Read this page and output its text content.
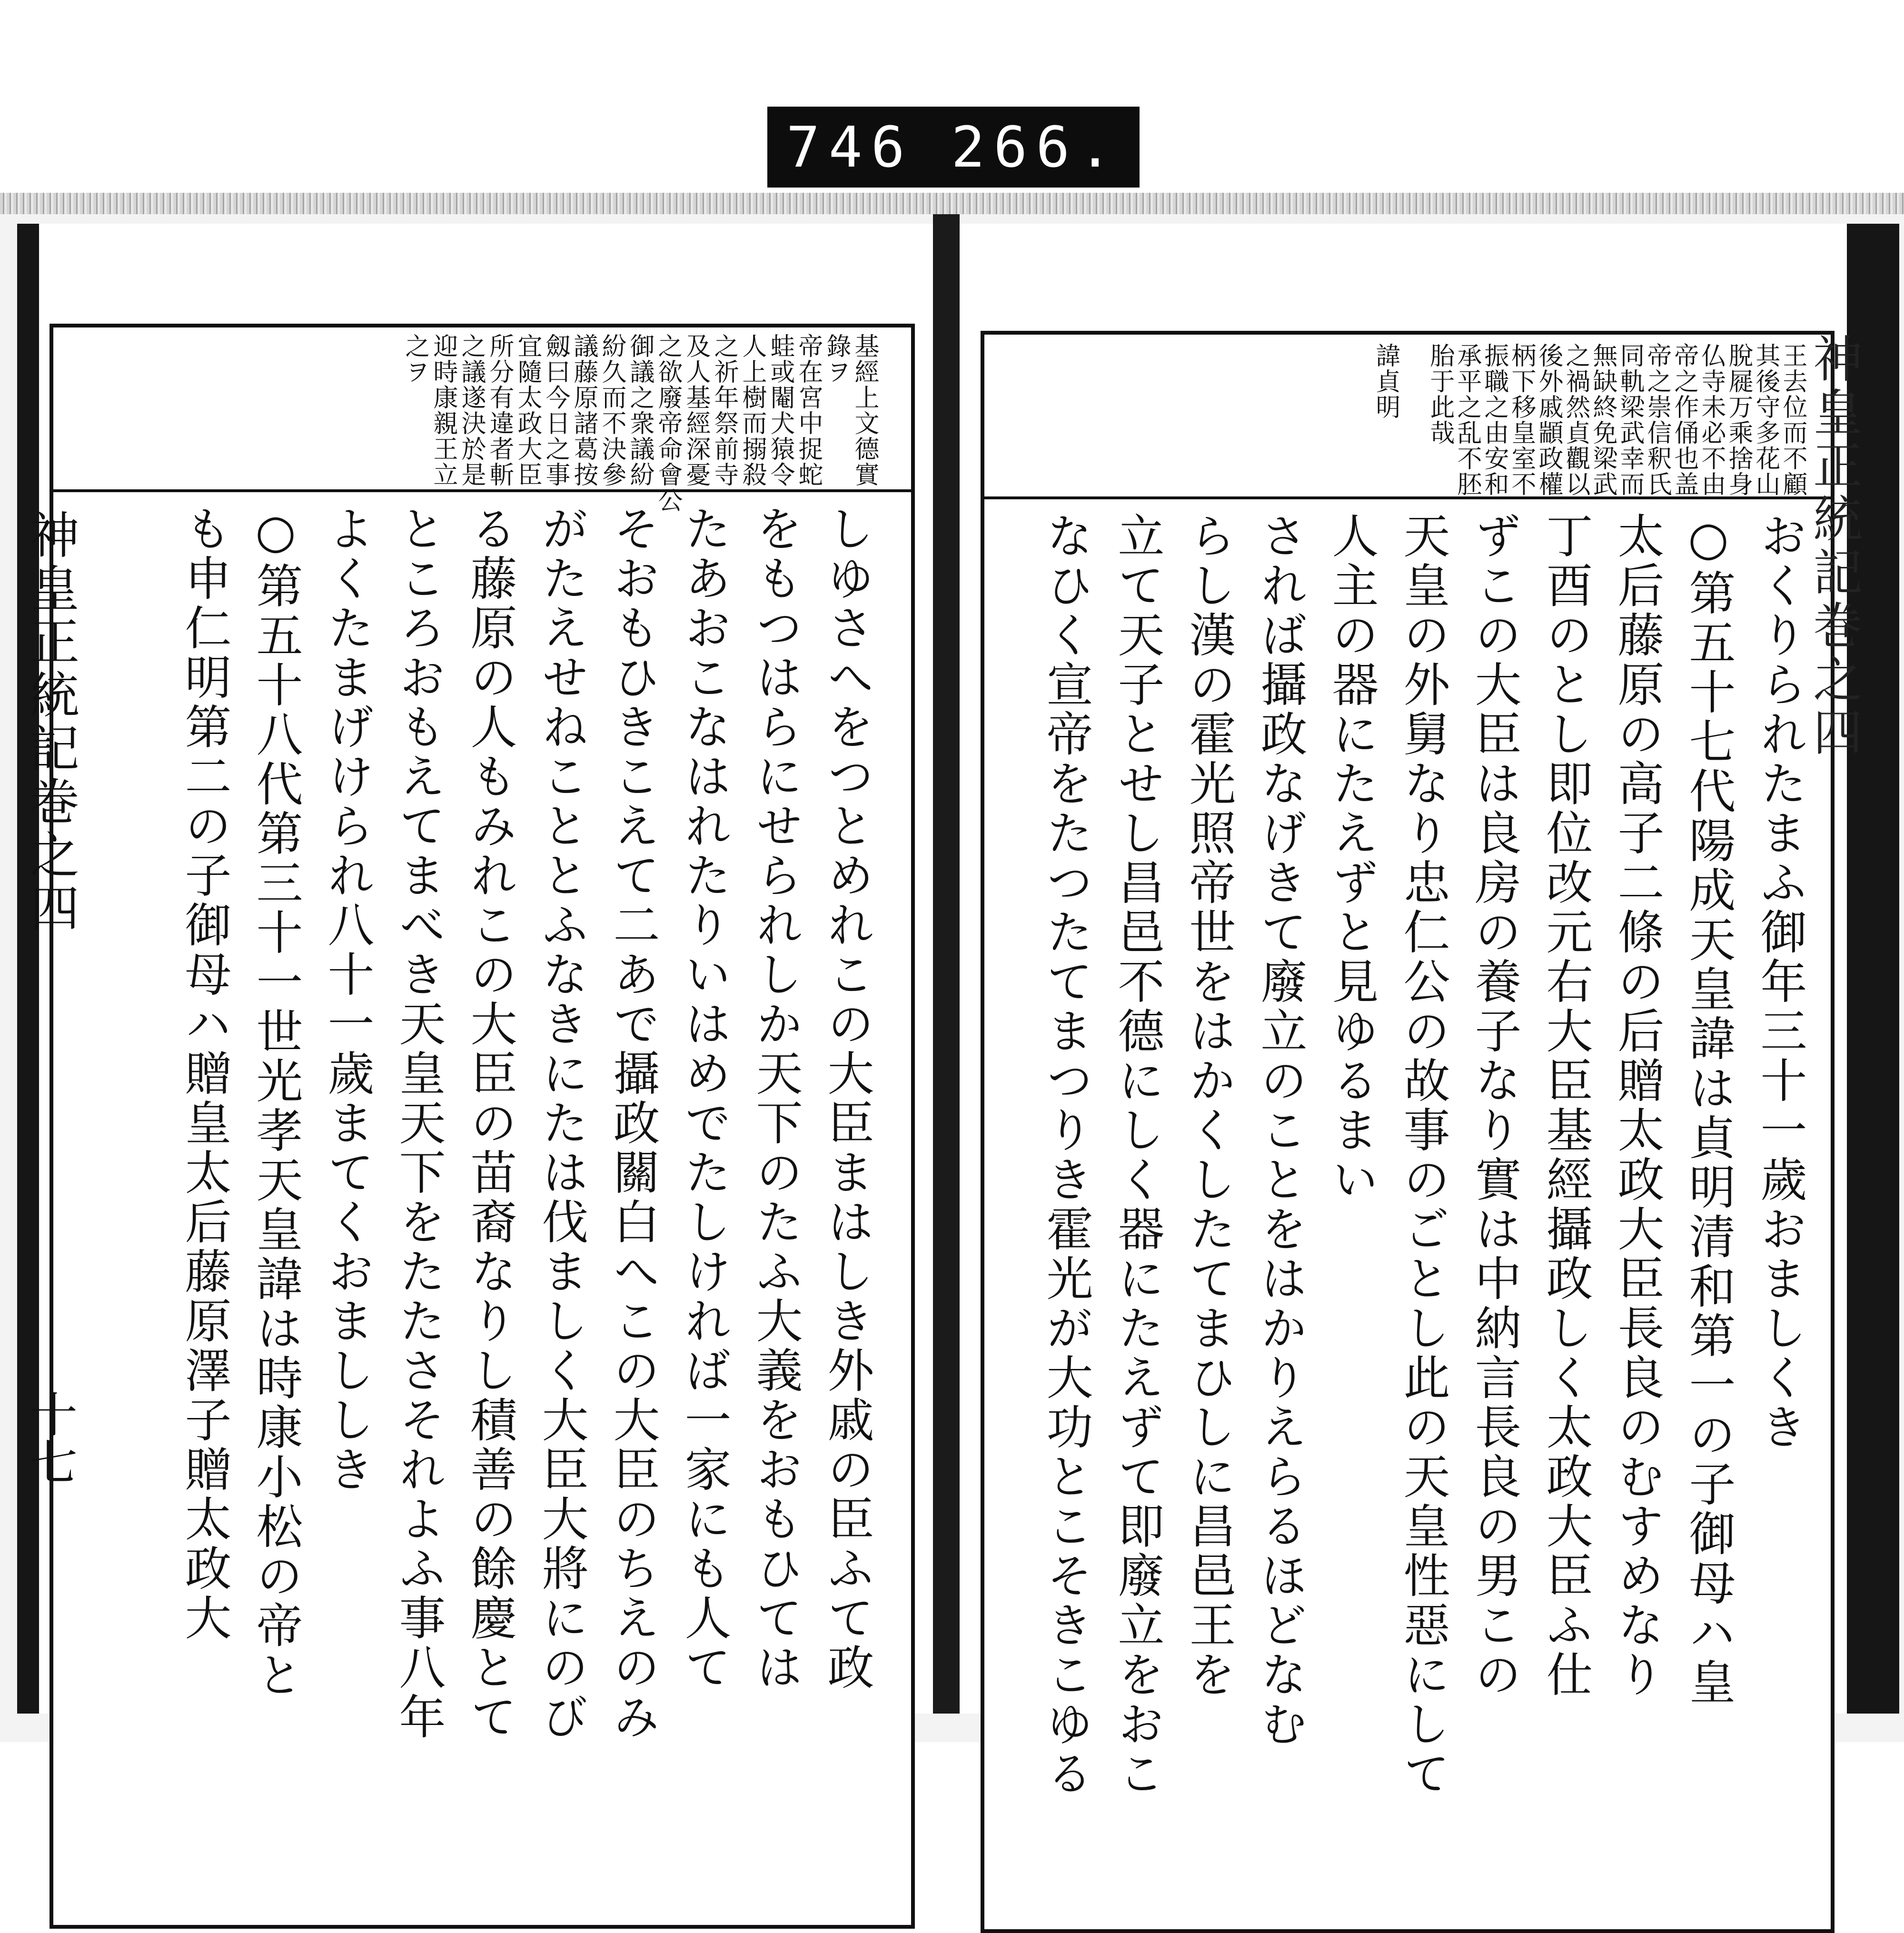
746 266.
神皇正統記巻之四
十七
神皇正統記巻之四
基經上文德實
錄ヲ
帝在宮中捉蛇
蛙或閹犬猿令
人上樹而搦殺
之祈年祭前寺
及人基經深憂
之欲廢帝命會公
御議之衆議紛
紛久而不決參
議藤原諸葛按
劔曰今日之事
宜隨太政大臣
所分有違者斬
之議遂決於是
迎時康親王立
之ヲ
しゆさへをつとめれこの大臣まはしき外戚の臣ふて政
をもつはらにせられしか天下のたふ大義をおもひては
たあおこなはれたりいはめでたしければ一家にも人て
そおもひきこえて二あで攝政關白へこの大臣のちえのみ
がたえせねこととふなきにたは伐ましく大臣大將にのび
る藤原の人もみれこの大臣の苗裔なりし積善の餘慶とて
ところおもえてまべき天皇天下をたたさそれよふ事八年
よくたまげけられ八十一歲まてくおまししき
○第五十八代第三十一世光孝天皇諱は時康小松の帝と
も申仁明第二の子御母ハ贈皇太后藤原澤子贈太政大
王去位而不顧
其後守多花山
脫屣万乘捨身
仏寺未必不由
帝之作俑也盖
帝之崇信釈氏
同軌梁武幸而
無缺終免梁武
之禍然貞觀以
後外戚顓政權
柄下移皇室不
振職之由安和
承平之乱不胚
胎于此哉
諱貞明
おくりられたまふ御年三十一歲おましくき
○第五十七代陽成天皇諱は貞明清和第一の子御母ハ皇
太后藤原の高子二條の后贈太政大臣長良のむすめなり
丁酉のとし即位改元右大臣基經攝政しく太政大臣ふ仕
ずこの大臣は良房の養子なり實は中納言長良の男この
天皇の外舅なり忠仁公の故事のごとし此の天皇性惡にして
人主の器にたえずと見ゆるまい
されば攝政なげきて廢立のことをはかりえらるほどなむ
らし漢の霍光照帝世をはかくしたてまひしに昌邑王を
立て天子とせし昌邑不德にしく器にたえずて即廢立をおこ
なひく宣帝をたつたてまつりき霍光が大功とこそきこゆる
